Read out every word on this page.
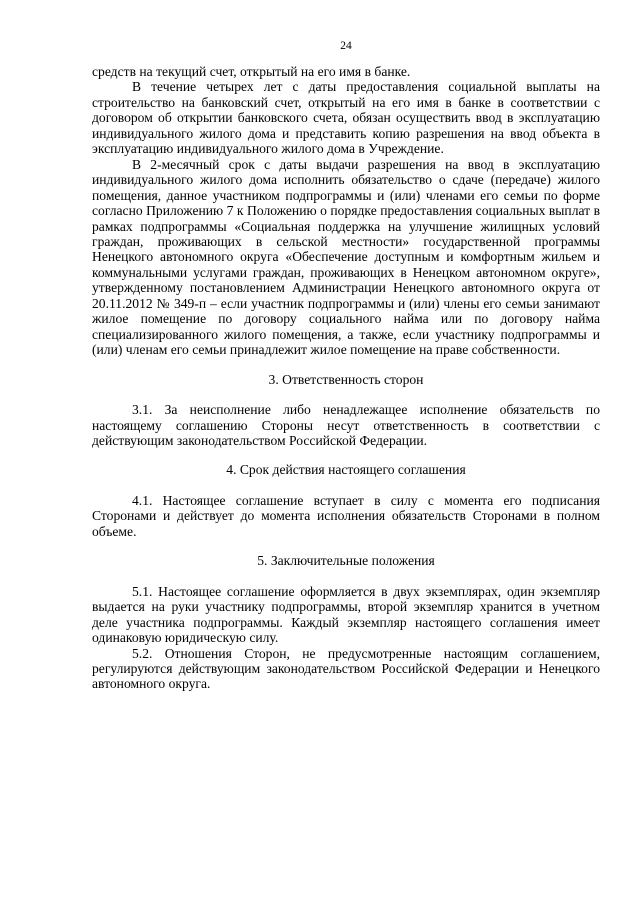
24

средств на текущий счет, открытый на его имя в банке.

В течение четырех лет с даты предоставления социальной выплаты на строительство на банковский счет, открытый на его имя в банке в соответствии с договором об открытии банковского счета, обязан осуществить ввод в эксплуатацию индивидуального жилого дома и представить копию разрешения на ввод объекта в эксплуатацию индивидуального жилого дома в Учреждение.

В 2-месячный срок с даты выдачи разрешения на ввод в эксплуатацию индивидуального жилого дома исполнить обязательство о сдаче (передаче) жилого помещения, данное участником подпрограммы и (или) членами его семьи по форме согласно Приложению 7 к Положению о порядке предоставления социальных выплат в рамках подпрограммы «Социальная поддержка на улучшение жилищных условий граждан, проживающих в сельской местности» государственной программы Ненецкого автономного округа «Обеспечение доступным и комфортным жильем и коммунальными услугами граждан, проживающих в Ненецком автономном округе», утвержденному постановлением Администрации Ненецкого автономного округа от 20.11.2012 № 349-п – если участник подпрограммы и (или) члены его семьи занимают жилое помещение по договору социального найма или по договору найма специализированного жилого помещения, а также, если участнику подпрограммы и (или) членам его семьи принадлежит жилое помещение на праве собственности.

3. Ответственность сторон

3.1. За неисполнение либо ненадлежащее исполнение обязательств по настоящему соглашению Стороны несут ответственность в соответствии с действующим законодательством Российской Федерации.

4. Срок действия настоящего соглашения

4.1. Настоящее соглашение вступает в силу с момента его подписания Сторонами и действует до момента исполнения обязательств Сторонами в полном объеме.

5. Заключительные положения

5.1. Настоящее соглашение оформляется в двух экземплярах, один экземпляр выдается на руки участнику подпрограммы, второй экземпляр хранится в учетном деле участника подпрограммы. Каждый экземпляр настоящего соглашения имеет одинаковую юридическую силу.

5.2. Отношения Сторон, не предусмотренные настоящим соглашением, регулируются действующим законодательством Российской Федерации и Ненецкого автономного округа.
